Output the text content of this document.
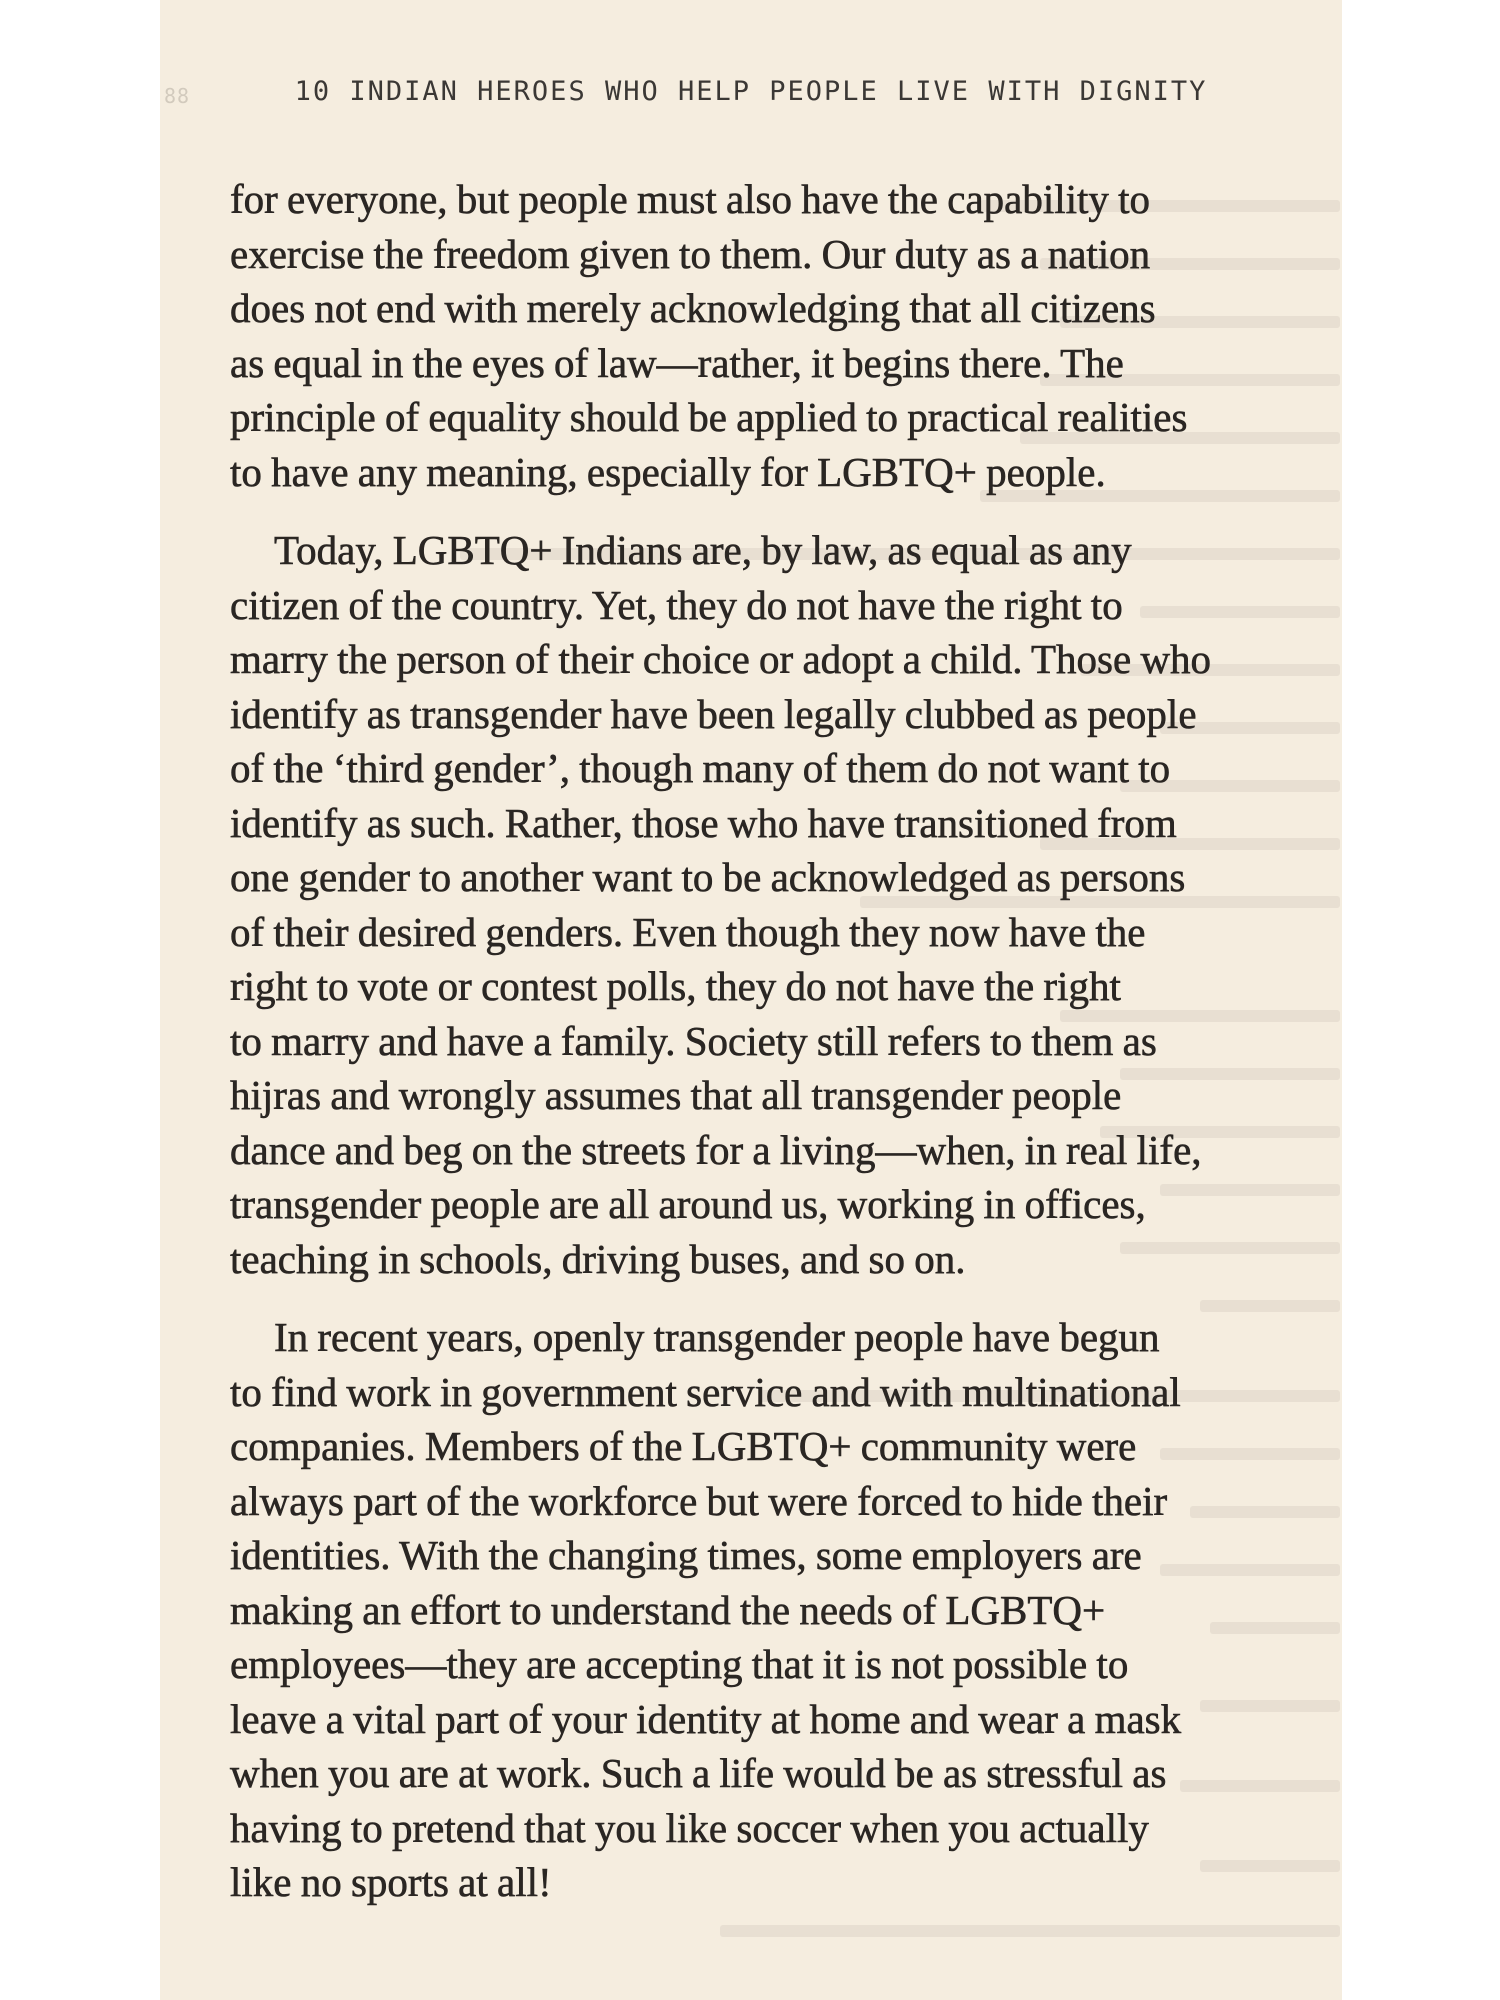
88	10 INDIAN HEROES WHO HELP PEOPLE LIVE WITH DIGNITY
for everyone, but people must also have the capability to
exercise the freedom given to them. Our duty as a nation
does not end with merely acknowledging that all citizens
as equal in the eyes of law—rather, it begins there. The
principle of equality should be applied to practical realities
to have any meaning, especially for LGBTQ+ people.
Today, LGBTQ+ Indians are, by law, as equal as any
citizen of the country. Yet, they do not have the right to
marry the person of their choice or adopt a child. Those who
identify as transgender have been legally clubbed as people
of the ‘third gender’, though many of them do not want to
identify as such. Rather, those who have transitioned from
one gender to another want to be acknowledged as persons
of their desired genders. Even though they now have the
right to vote or contest polls, they do not have the right
to marry and have a family. Society still refers to them as
hijras and wrongly assumes that all transgender people
dance and beg on the streets for a living—when, in real life,
transgender people are all around us, working in offices,
teaching in schools, driving buses, and so on.
In recent years, openly transgender people have begun
to find work in government service and with multinational
companies. Members of the LGBTQ+ community were
always part of the workforce but were forced to hide their
identities. With the changing times, some employers are
making an effort to understand the needs of LGBTQ+
employees—they are accepting that it is not possible to
leave a vital part of your identity at home and wear a mask
when you are at work. Such a life would be as stressful as
having to pretend that you like soccer when you actually
like no sports at all!
